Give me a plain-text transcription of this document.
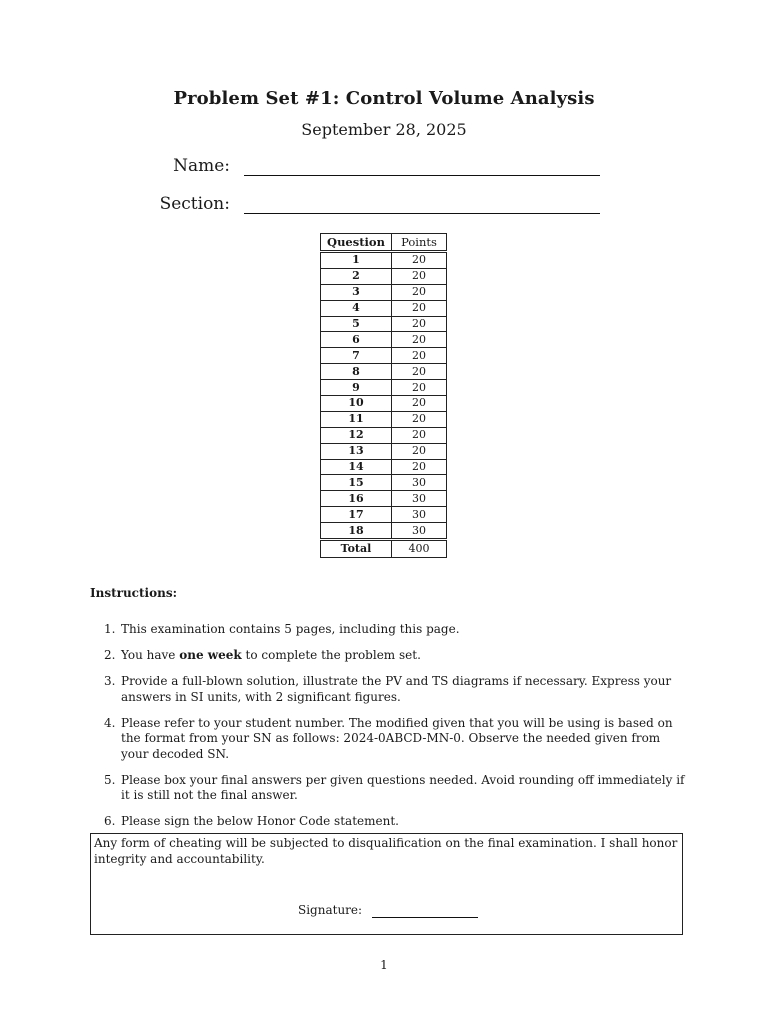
Problem Set #1: Control Volume Analysis
September 28, 2025
Name:
Section:
Question	Points
1	20
2	20
3	20
4	20
5	20
6	20
7	20
8	20
9	20
10	20
11	20
12	20
13	20
14	20
15	30
16	30
17	30
18	30
Total	400
Instructions:
1. This examination contains 5 pages, including this page.
2. You have one week to complete the problem set.
3. Provide a full-blown solution, illustrate the PV and TS diagrams if necessary. Express your answers in SI units, with 2 significant figures.
4. Please refer to your student number. The modified given that you will be using is based on the format from your SN as follows: 2024-0ABCD-MN-0. Observe the needed given from your decoded SN.
5. Please box your final answers per given questions needed. Avoid rounding off immediately if it is still not the final answer.
6. Please sign the below Honor Code statement.
Any form of cheating will be subjected to disqualification on the final examination. I shall honor integrity and accountability.
Signature:
1
